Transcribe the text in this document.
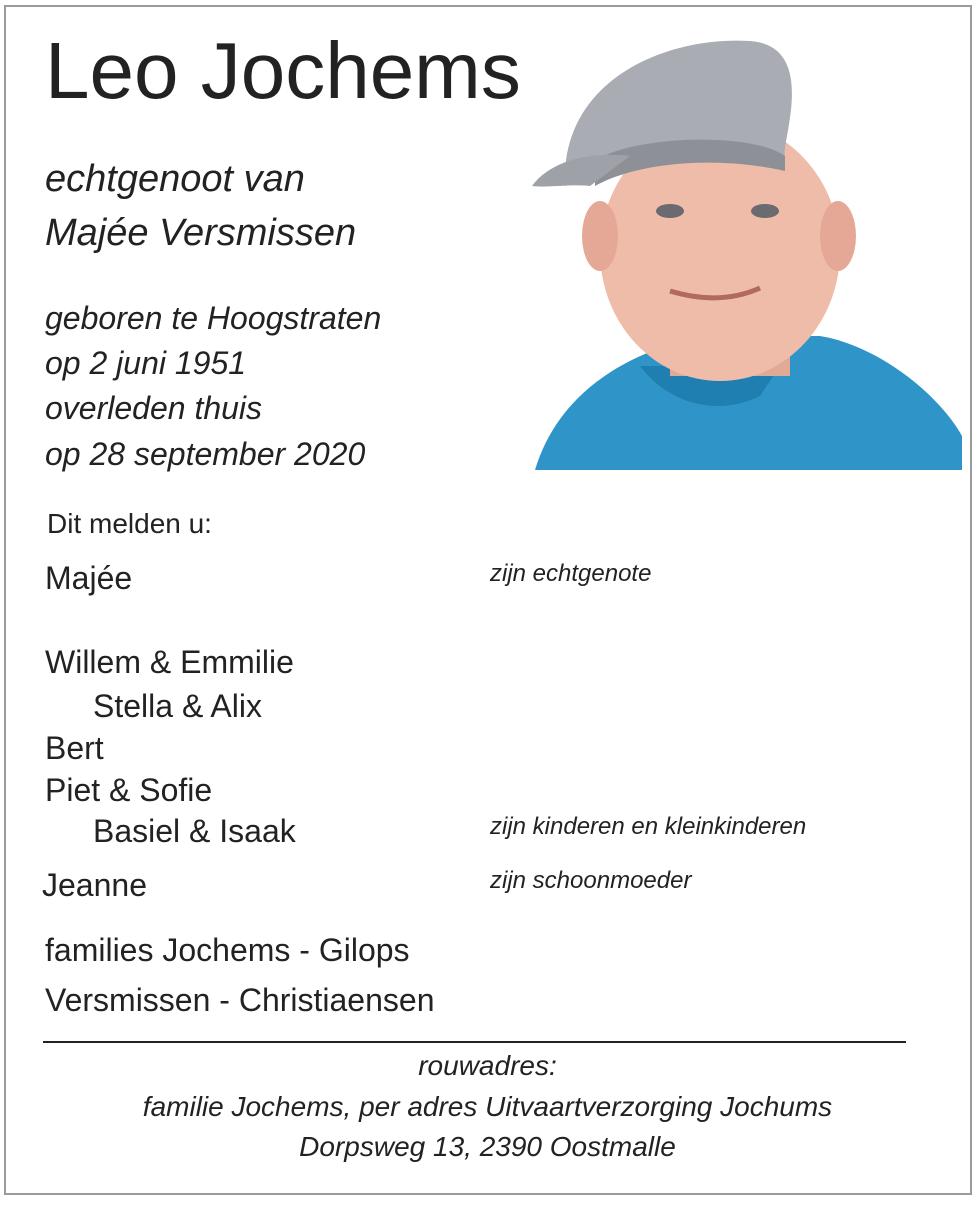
Leo Jochems
echtgenoot van
Majée Versmissen
geboren te Hoogstraten
op 2 juni 1951
overleden thuis
op 28 september 2020
Dit melden u:
Majée	zijn echtgenote
Willem & Emmilie
Stella & Alix
Bert
Piet & Sofie
Basiel & Isaak	zijn kinderen en kleinkinderen
Jeanne	zijn schoonmoeder
families Jochems - Gilops
Versmissen - Christiaensen
rouwadres:
familie Jochems, per adres Uitvaartverzorging Jochums
Dorpsweg 13, 2390 Oostmalle
